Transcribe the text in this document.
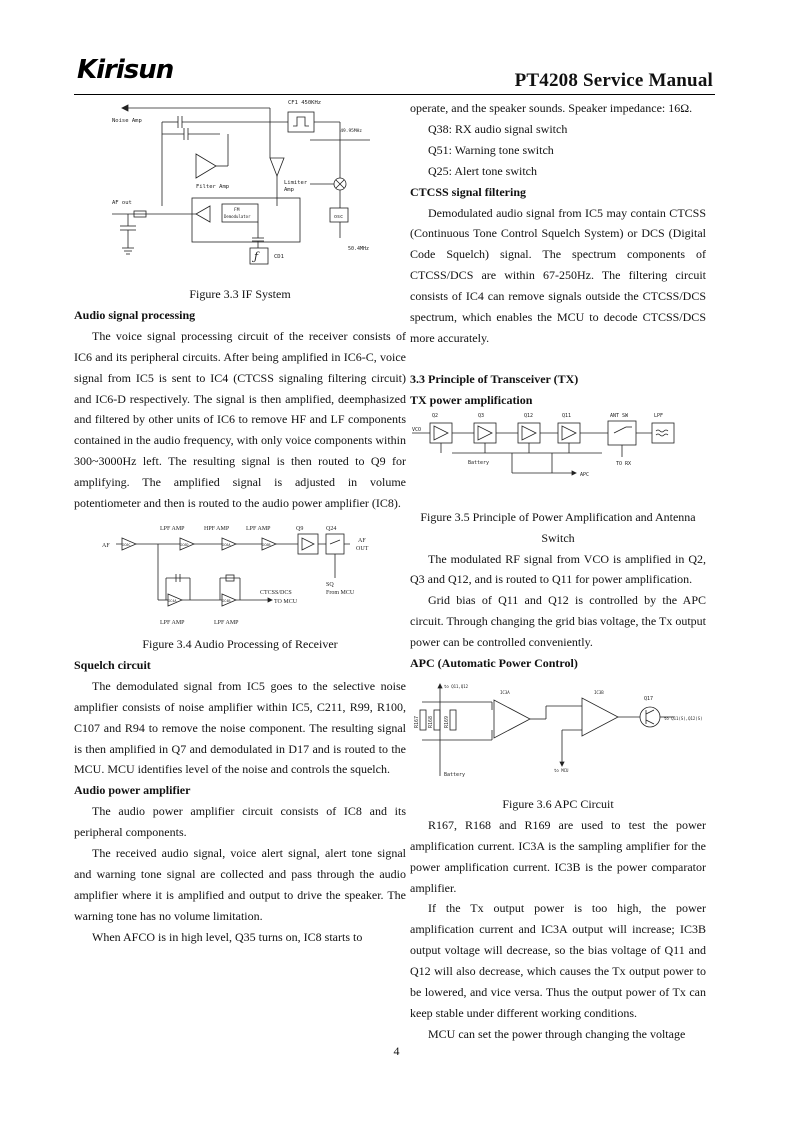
Kirisun	PT4208 Service Manual
Noise Amp
CF1 450KHz
49.95MHz
Filter Amp
Limiter
Amp
osc
50.4MHz
FM
Demodulator
AF out
ƒ	CD1

Figure 3.3 IF System

Audio signal processing

The voice signal processing circuit of the receiver consists of IC6 and its peripheral circuits. After being amplified in IC6-C, voice signal from IC5 is sent to IC4 (CTCSS signaling filtering circuit) and IC6-D respectively. The signal is then amplified, deemphasized and filtered by other units of IC6 to remove HF and LF components contained in the audio frequency, with only voice components within 300~3000Hz left. The resulting signal is then routed to Q9 for amplifying. The amplified signal is adjusted in volume potentiometer and then is routed to the audio power amplifier (IC8).

LPF AMP	HPF AMP	LPF AMP	Q9	Q24
AF	IC6C	IC6D	IC6A	IC6B
AF
OUT
SQ
From MCU
IC4A	IC4B
CTCSS/DCS
TO MCU
LPF AMP	LPF AMP

Figure 3.4 Audio Processing of Receiver

Squelch circuit

The demodulated signal from IC5 goes to the selective noise amplifier consists of noise amplifier within IC5, C211, R99, R100, C107 and R94 to remove the noise component. The resulting signal is then amplified in Q7 and demodulated in D17 and is routed to the MCU. MCU identifies level of the noise and controls the squelch.

Audio power amplifier

The audio power amplifier circuit consists of IC8 and its peripheral components.

The received audio signal, voice alert signal, alert tone signal and warning tone signal are collected and pass through the audio amplifier where it is amplified and output to drive the speaker. The warning tone has no volume limitation.

When AFCO is in high level, Q35 turns on, IC8 starts to

operate, and the speaker sounds. Speaker impedance: 16Ω.

Q38: RX audio signal switch

Q51: Warning tone switch

Q25: Alert tone switch

CTCSS signal filtering

Demodulated audio signal from IC5 may contain CTCSS (Continuous Tone Control Squelch System) or DCS (Digital Code Squelch) signal. The spectrum components of CTCSS/DCS are within 67-250Hz. The filtering circuit consists of IC4 can remove signals outside the CTCSS/DCS spectrum, which enables the MCU to decode CTCSS/DCS more accurately.

3.3 Principle of Transceiver (TX)

TX power amplification

Q2	Q3	Q12	Q11	ANT SW	LPF
VCO
Battery	TO RX
APC

Figure 3.5 Principle of Power Amplification and Antenna

Switch

The modulated RF signal from VCO is amplified in Q2, Q3 and Q12, and is routed to Q11 for power amplification.

Grid bias of Q11 and Q12 is controlled by the APC circuit. Through changing the grid bias voltage, the Tx output power can be controlled conveniently.

APC (Automatic Power Control)

to Q11,Q12
R167 R168 R169
Battery
IC3A	IC3B
to MCU
Q17
to Q11(S),Q12(S)

Figure 3.6 APC Circuit

R167, R168 and R169 are used to test the power amplification current. IC3A is the sampling amplifier for the power amplification current. IC3B is the power comparator amplifier.

If the Tx output power is too high, the power amplification current and IC3A output will increase; IC3B output voltage will decrease, so the bias voltage of Q11 and Q12 will also decrease, which causes the Tx output power to be lowered, and vice versa. Thus the output power of Tx can keep stable under different working conditions.

MCU can set the power through changing the voltage

4
